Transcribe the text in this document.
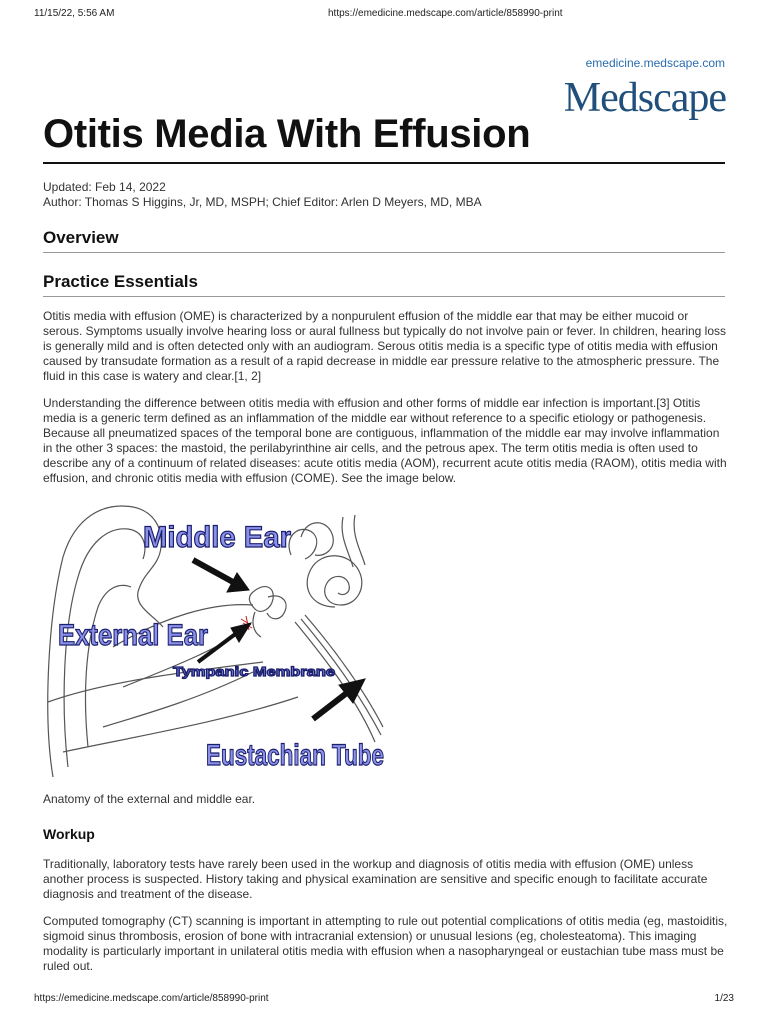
11/15/22, 5:56 AM	https://emedicine.medscape.com/article/858990-print
emedicine.medscape.com
Medscape
Otitis Media With Effusion
Updated: Feb 14, 2022
Author: Thomas S Higgins, Jr, MD, MSPH; Chief Editor: Arlen D Meyers, MD, MBA
Overview
Practice Essentials

Otitis media with effusion (OME) is characterized by a nonpurulent effusion of the middle ear that may be either mucoid or serous. Symptoms usually involve hearing loss or aural fullness but typically do not involve pain or fever. In children, hearing loss is generally mild and is often detected only with an audiogram. Serous otitis media is a specific type of otitis media with effusion caused by transudate formation as a result of a rapid decrease in middle ear pressure relative to the atmospheric pressure. The fluid in this case is watery and clear.[1, 2]

Understanding the difference between otitis media with effusion and other forms of middle ear infection is important.[3] Otitis media is a generic term defined as an inflammation of the middle ear without reference to a specific etiology or pathogenesis. Because all pneumatized spaces of the temporal bone are contiguous, inflammation of the middle ear may involve inflammation in the other 3 spaces: the mastoid, the perilabyrinthine air cells, and the petrous apex. The term otitis media is often used to describe any of a continuum of related diseases: acute otitis media (AOM), recurrent acute otitis media (RAOM), otitis media with effusion, and chronic otitis media with effusion (COME). See the image below.

Middle Ear
External Ear
Tympanic Membrane
Eustachian Tube
Anatomy of the external and middle ear.
Workup

Traditionally, laboratory tests have rarely been used in the workup and diagnosis of otitis media with effusion (OME) unless another process is suspected. History taking and physical examination are sensitive and specific enough to facilitate accurate diagnosis and treatment of the disease.

Computed tomography (CT) scanning is important in attempting to rule out potential complications of otitis media (eg, mastoiditis, sigmoid sinus thrombosis, erosion of bone with intracranial extension) or unusual lesions (eg, cholesteatoma). This imaging modality is particularly important in unilateral otitis media with effusion when a nasopharyngeal or eustachian tube mass must be ruled out.

https://emedicine.medscape.com/article/858990-print	1/23
